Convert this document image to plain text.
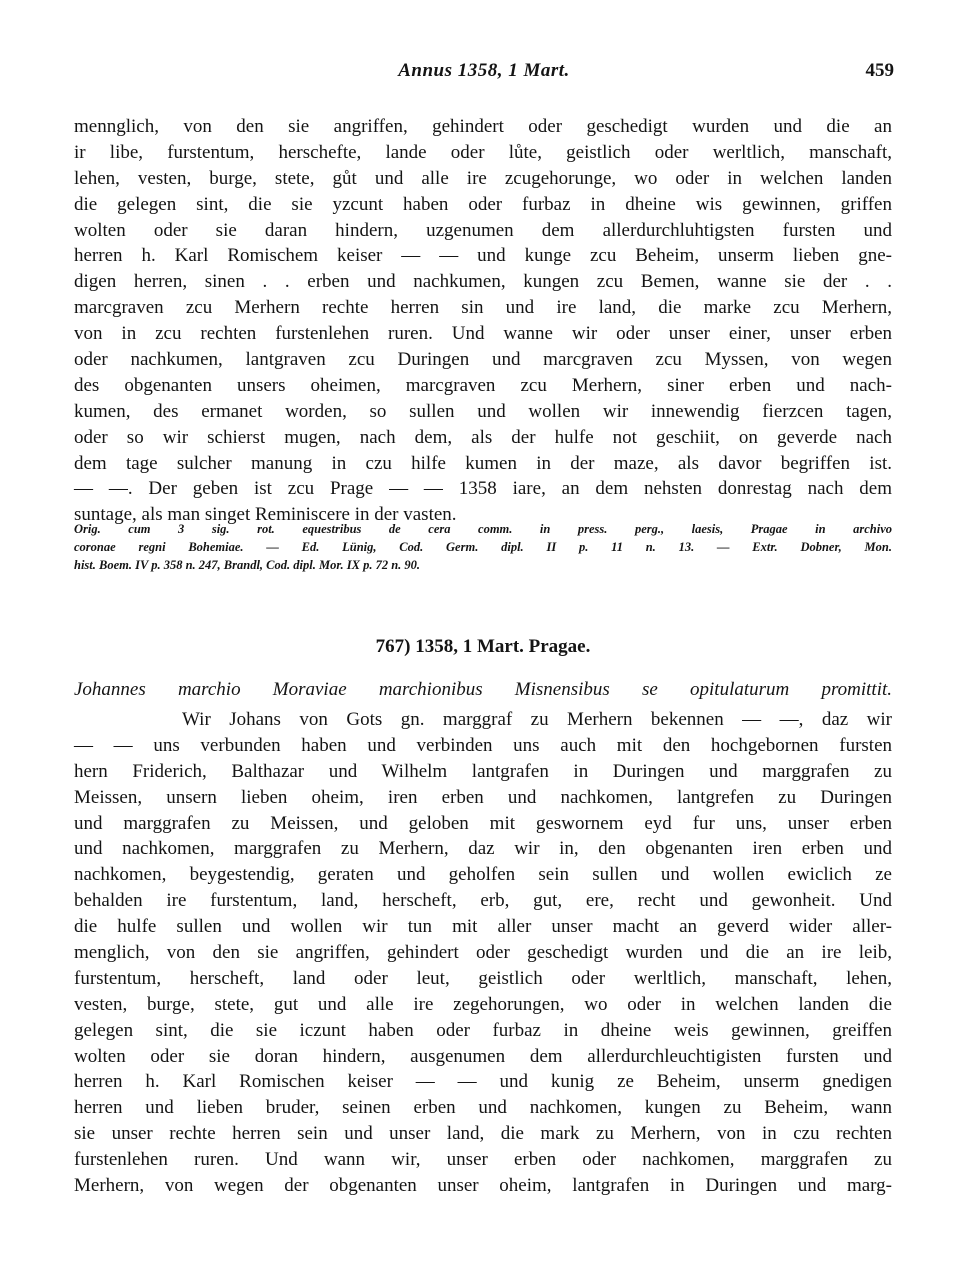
Annus 1358, 1 Mart.	459
mennglich, von den sie angriffen, gehindert oder geschedigt wurden und die an
ir libe, furstentum, herschefte, lande oder lůte, geistlich oder werltlich, manschaft,
lehen, vesten, burge, stete, gůt und alle ire zcugehorunge, wo oder in welchen landen
die gelegen sint, die sie yzcunt haben oder furbaz in dheine wis gewinnen, griffen
wolten oder sie daran hindern, uzgenumen dem allerdurchluhtigsten fursten und
herren h. Karl Romischem keiser — — und kunge zcu Beheim, unserm lieben gne-
digen herren, sinen . . erben und nachkumen, kungen zcu Bemen, wanne sie der . .
marcgraven zcu Merhern rechte herren sin und ire land, die marke zcu Merhern,
von in zcu rechten furstenlehen ruren. Und wanne wir oder unser einer, unser erben
oder nachkumen, lantgraven zcu Duringen und marcgraven zcu Myssen, von wegen
des obgenanten unsers oheimen, marcgraven zcu Merhern, siner erben und nach-
kumen, des ermanet worden, so sullen und wollen wir innewendig fierzcen tagen,
oder so wir schierst mugen, nach dem, als der hulfe not geschiit, on geverde nach
dem tage sulcher manung in czu hilfe kumen in der maze, als davor begriffen ist.
— —. Der geben ist zcu Prage — — 1358 iare, an dem nehsten donrestag nach dem
suntage, als man singet Reminiscere in der vasten.
Orig. cum 3 sig. rot. equestribus de cera comm. in press. perg., laesis, Pragae in archivo
coronae regni Bohemiae. — Ed. Lünig, Cod. Germ. dipl. II p. 11 n. 13. — Extr. Dobner, Mon.
hist. Boem. IV p. 358 n. 247, Brandl, Cod. dipl. Mor. IX p. 72 n. 90.
767) 1358, 1 Mart. Pragae.
Johannes marchio Moraviae marchionibus Misnensibus se opitulaturum promittit.
Wir Johans von Gots gn. marggraf zu Merhern bekennen — —, daz wir
— — uns verbunden haben und verbinden uns auch mit den hochgebornen fursten
hern Friderich, Balthazar und Wilhelm lantgrafen in Duringen und marggrafen zu
Meissen, unsern lieben oheim, iren erben und nachkomen, lantgrefen zu Duringen
und marggrafen zu Meissen, und geloben mit geswornem eyd fur uns, unser erben
und nachkomen, marggrafen zu Merhern, daz wir in, den obgenanten iren erben und
nachkomen, beygestendig, geraten und geholfen sein sullen und wollen ewiclich ze
behalden ire furstentum, land, herscheft, erb, gut, ere, recht und gewonheit. Und
die hulfe sullen und wollen wir tun mit aller unser macht an geverd wider aller-
menglich, von den sie angriffen, gehindert oder geschedigt wurden und die an ire leib,
furstentum, herscheft, land oder leut, geistlich oder werltlich, manschaft, lehen,
vesten, burge, stete, gut und alle ire zegehorungen, wo oder in welchen landen die
gelegen sint, die sie iczunt haben oder furbaz in dheine weis gewinnen, greiffen
wolten oder sie doran hindern, ausgenumen dem allerdurchleuchtigisten fursten und
herren h. Karl Romischen keiser — — und kunig ze Beheim, unserm gnedigen
herren und lieben bruder, seinen erben und nachkomen, kungen zu Beheim, wann
sie unser rechte herren sein und unser land, die mark zu Merhern, von in czu rechten
furstenlehen ruren. Und wann wir, unser erben oder nachkomen, marggrafen zu
Merhern, von wegen der obgenanten unser oheim, lantgrafen in Duringen und marg-
